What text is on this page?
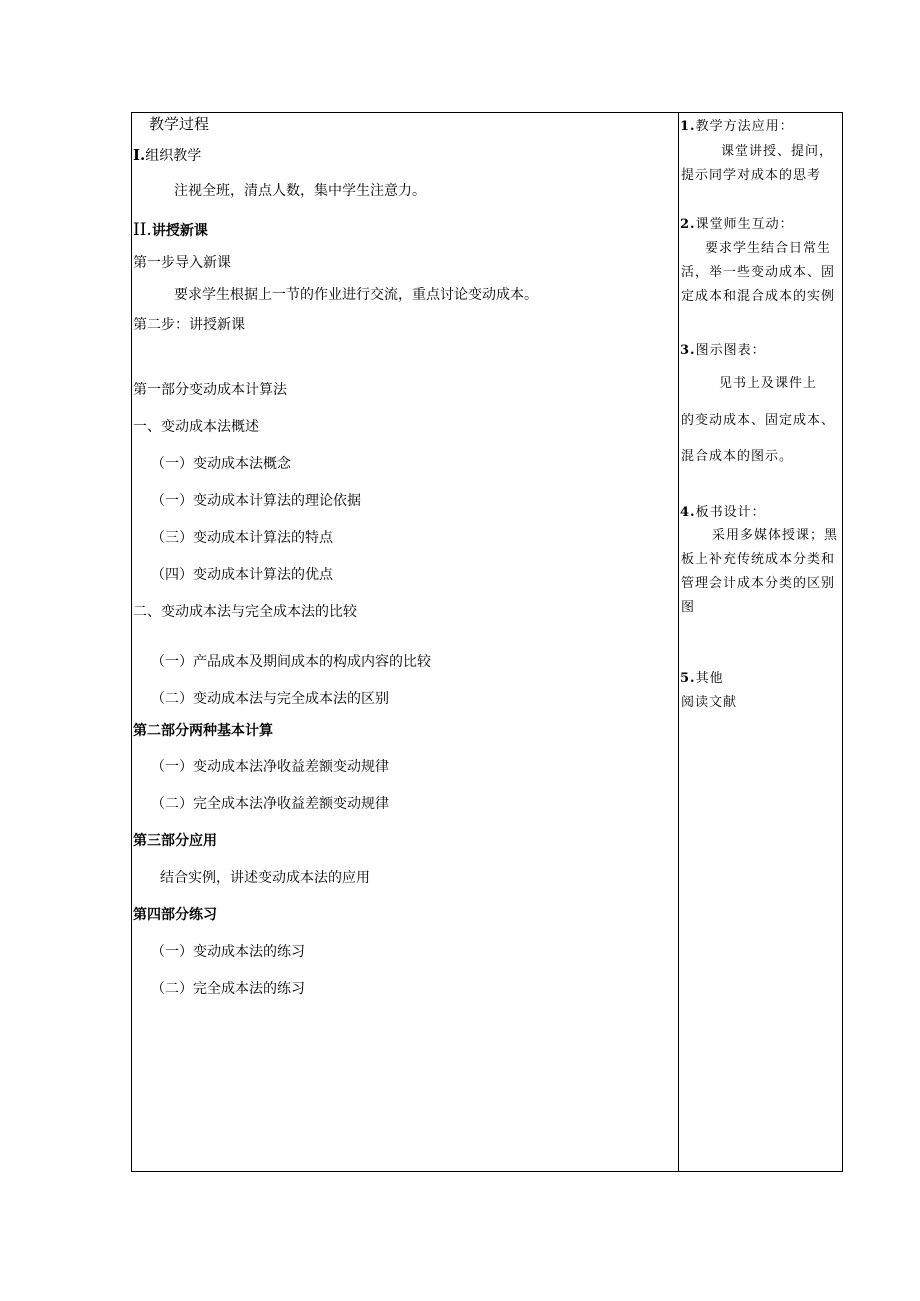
教学过程
I.组织教学
注视全班，清点人数，集中学生注意力。
II.讲授新课
第一步导入新课
要求学生根据上一节的作业进行交流，重点讨论变动成本。
第二步：讲授新课
第一部分变动成本计算法
一、变动成本法概述
（一）变动成本法概念
（一）变动成本计算法的理论依据
（三）变动成本计算法的特点
（四）变动成本计算法的优点
二、变动成本法与完全成本法的比较
（一）产品成本及期间成本的构成内容的比较
（二）变动成本法与完全成本法的区别
第二部分两种基本计算
（一）变动成本法净收益差额变动规律
（二）完全成本法净收益差额变动规律
第三部分应用
结合实例，讲述变动成本法的应用
第四部分练习
（一）变动成本法的练习
（二）完全成本法的练习
1.教学方法应用：
课堂讲授、提问，
提示同学对成本的思考
2.课堂师生互动：
要求学生结合日常生
活，举一些变动成本、固
定成本和混合成本的实例
3.图示图表：
见书上及课件上
的变动成本、固定成本、
混合成本的图示。
4.板书设计：
采用多媒体授课；黑
板上补充传统成本分类和
管理会计成本分类的区别
图
5.其他
阅读文献
